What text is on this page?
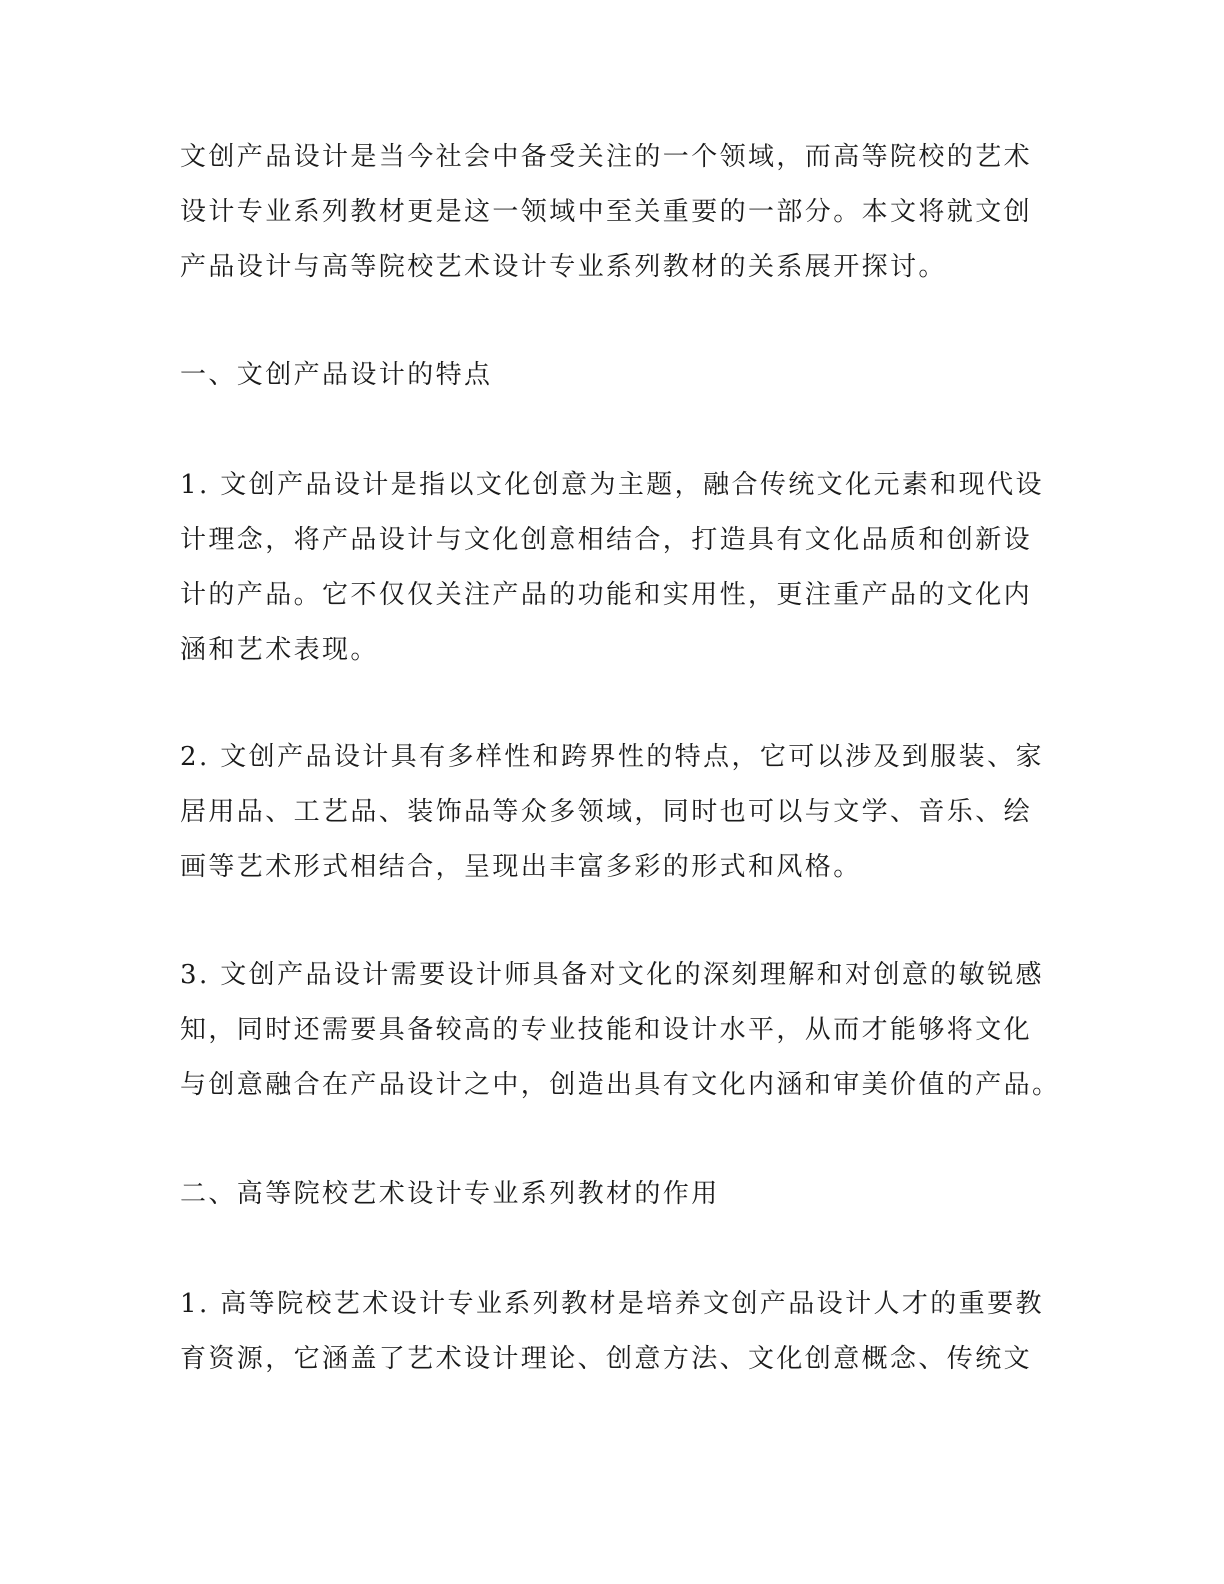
文创产品设计是当今社会中备受关注的一个领域，而高等院校的艺术
设计专业系列教材更是这一领域中至关重要的一部分。本文将就文创
产品设计与高等院校艺术设计专业系列教材的关系展开探讨。

一、文创产品设计的特点

1. 文创产品设计是指以文化创意为主题，融合传统文化元素和现代设
计理念，将产品设计与文化创意相结合，打造具有文化品质和创新设
计的产品。它不仅仅关注产品的功能和实用性，更注重产品的文化内
涵和艺术表现。

2. 文创产品设计具有多样性和跨界性的特点，它可以涉及到服装、家
居用品、工艺品、装饰品等众多领域，同时也可以与文学、音乐、绘
画等艺术形式相结合，呈现出丰富多彩的形式和风格。

3. 文创产品设计需要设计师具备对文化的深刻理解和对创意的敏锐感
知，同时还需要具备较高的专业技能和设计水平，从而才能够将文化
与创意融合在产品设计之中，创造出具有文化内涵和审美价值的产品。

二、高等院校艺术设计专业系列教材的作用

1. 高等院校艺术设计专业系列教材是培养文创产品设计人才的重要教
育资源，它涵盖了艺术设计理论、创意方法、文化创意概念、传统文
